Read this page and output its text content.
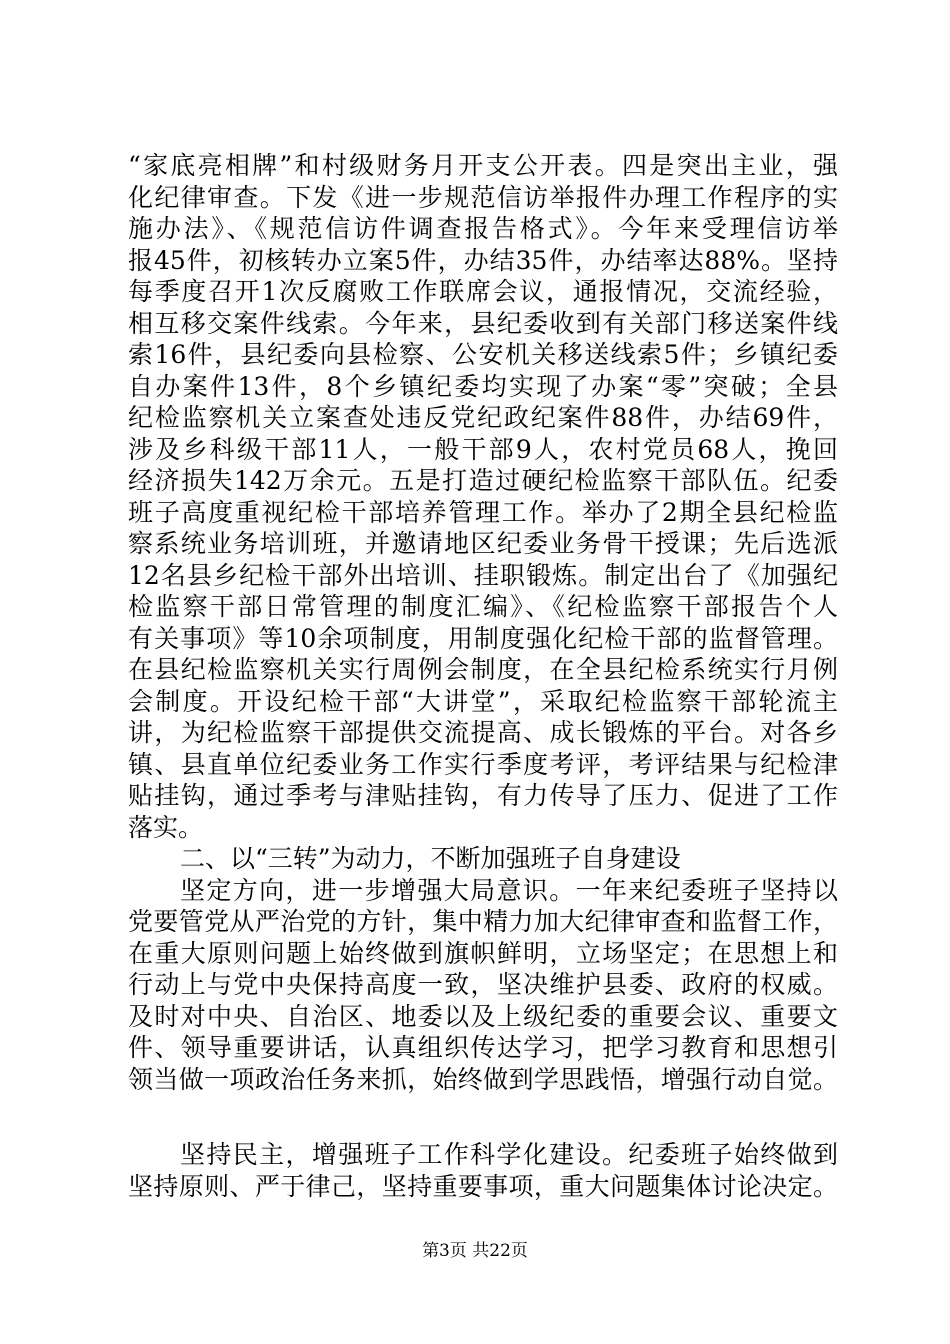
“家底亮相牌”和村级财务月开支公开表。四是突出主业，强
化纪律审查。下发《进一步规范信访举报件办理工作程序的实
施办法》、《规范信访件调查报告格式》。今年来受理信访举
报45件，初核转办立案5件，办结35件，办结率达88%。坚持
每季度召开1次反腐败工作联席会议，通报情况，交流经验，
相互移交案件线索。今年来，县纪委收到有关部门移送案件线
索16件，县纪委向县检察、公安机关移送线索5件；乡镇纪委
自办案件13件，8个乡镇纪委均实现了办案“零”突破；全县
纪检监察机关立案查处违反党纪政纪案件88件，办结69件，
涉及乡科级干部11人，一般干部9人，农村党员68人，挽回
经济损失142万余元。五是打造过硬纪检监察干部队伍。纪委
班子高度重视纪检干部培养管理工作。举办了2期全县纪检监
察系统业务培训班，并邀请地区纪委业务骨干授课；先后选派
12名县乡纪检干部外出培训、挂职锻炼。制定出台了《加强纪
检监察干部日常管理的制度汇编》、《纪检监察干部报告个人
有关事项》等10余项制度，用制度强化纪检干部的监督管理。
在县纪检监察机关实行周例会制度，在全县纪检系统实行月例
会制度。开设纪检干部“大讲堂”，采取纪检监察干部轮流主
讲，为纪检监察干部提供交流提高、成长锻炼的平台。对各乡
镇、县直单位纪委业务工作实行季度考评，考评结果与纪检津
贴挂钩，通过季考与津贴挂钩，有力传导了压力、促进了工作
落实。
二、以“三转”为动力，不断加强班子自身建设
坚定方向，进一步增强大局意识。一年来纪委班子坚持以
党要管党从严治党的方针，集中精力加大纪律审查和监督工作，
在重大原则问题上始终做到旗帜鲜明，立场坚定；在思想上和
行动上与党中央保持高度一致，坚决维护县委、政府的权威。
及时对中央、自治区、地委以及上级纪委的重要会议、重要文
件、领导重要讲话，认真组织传达学习，把学习教育和思想引
领当做一项政治任务来抓，始终做到学思践悟，增强行动自觉。
坚持民主，增强班子工作科学化建设。纪委班子始终做到
坚持原则、严于律己，坚持重要事项，重大问题集体讨论决定。
第3页 共22页
